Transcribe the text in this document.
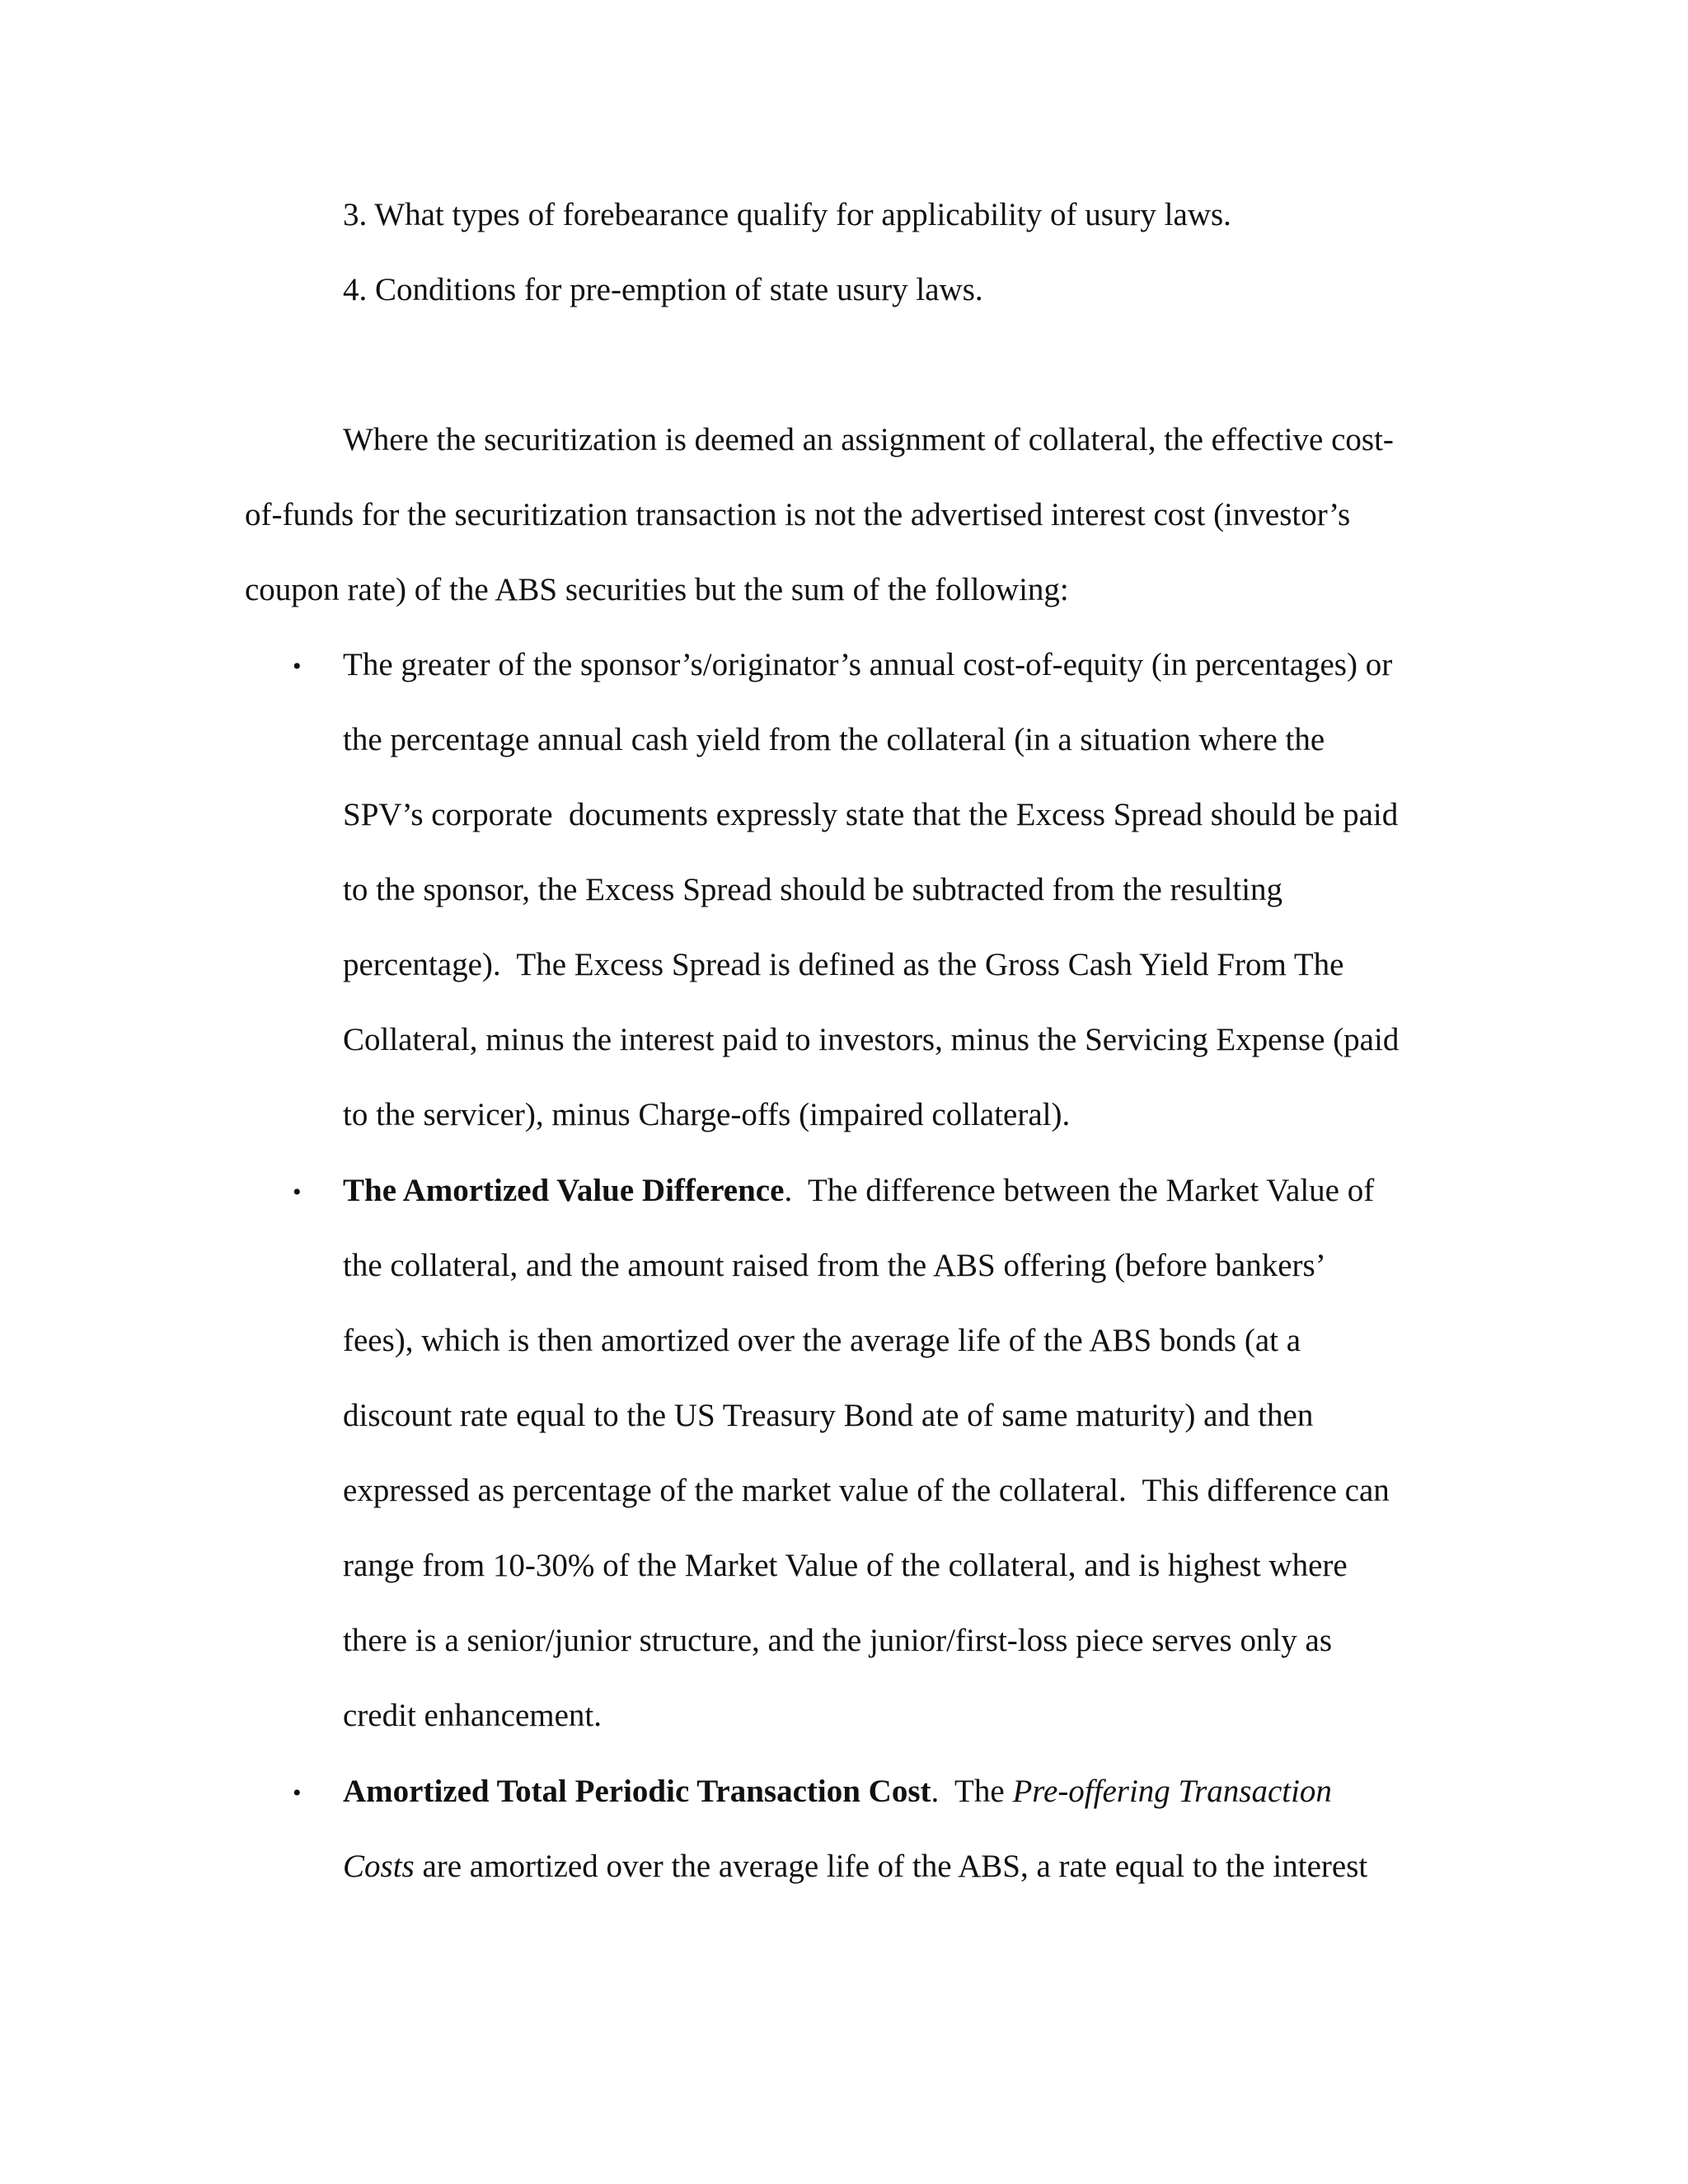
3. What types of forebearance qualify for applicability of usury laws.
4. Conditions for pre-emption of state usury laws.
Where the securitization is deemed an assignment of collateral, the effective cost-
of-funds for the securitization transaction is not the advertised interest cost (investor’s
coupon rate) of the ABS securities but the sum of the following:
• The greater of the sponsor’s/originator’s annual cost-of-equity (in percentages) or
the percentage annual cash yield from the collateral (in a situation where the
SPV’s corporate  documents expressly state that the Excess Spread should be paid
to the sponsor, the Excess Spread should be subtracted from the resulting
percentage).  The Excess Spread is defined as the Gross Cash Yield From The
Collateral, minus the interest paid to investors, minus the Servicing Expense (paid
to the servicer), minus Charge-offs (impaired collateral).
• The Amortized Value Difference.  The difference between the Market Value of
the collateral, and the amount raised from the ABS offering (before bankers’
fees), which is then amortized over the average life of the ABS bonds (at a
discount rate equal to the US Treasury Bond ate of same maturity) and then
expressed as percentage of the market value of the collateral.  This difference can
range from 10-30% of the Market Value of the collateral, and is highest where
there is a senior/junior structure, and the junior/first-loss piece serves only as
credit enhancement.
• Amortized Total Periodic Transaction Cost.  The Pre-offering Transaction
Costs are amortized over the average life of the ABS, a rate equal to the interest
